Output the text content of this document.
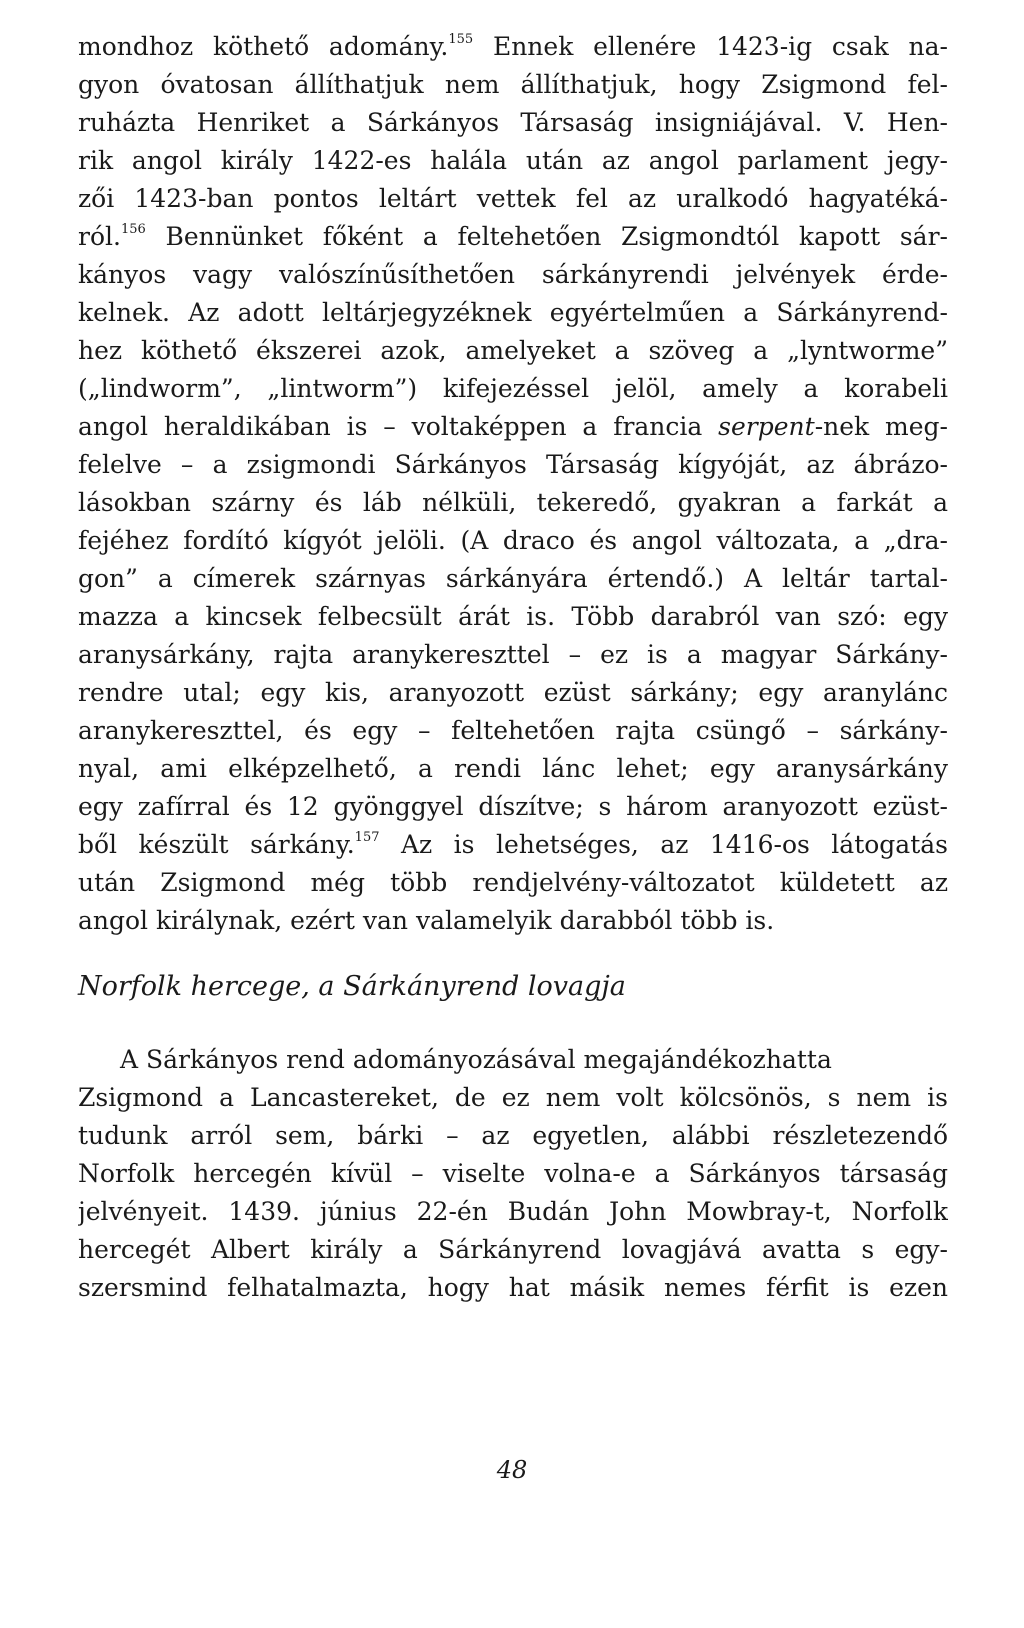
mondhoz köthető adomány.$^{155}$ Ennek ellenére 1423-ig csak na-
gyon óvatosan állíthatjuk nem állíthatjuk, hogy Zsigmond fel-
ruházta Henriket a Sárkányos Társaság insigniájával. V. Hen-
rik angol király 1422-es halála után az angol parlament jegy-
zői 1423-ban pontos leltárt vettek fel az uralkodó hagyatéká-
ról.$^{156}$ Bennünket főként a feltehetően Zsigmondtól kapott sár-
kányos vagy valószínűsíthetően sárkányrendi jelvények érde-
kelnek. Az adott leltárjegyzéknek egyértelműen a Sárkányrend-
hez köthető ékszerei azok, amelyeket a szöveg a „lyntworme”
(„lindworm”, „lintworm”) kifejezéssel jelöl, amely a korabeli
angol heraldikában is – voltaképpen a francia serpent-nek meg-
felelve – a zsigmondi Sárkányos Társaság kígyóját, az ábrázo-
lásokban szárny és láb nélküli, tekeredő, gyakran a farkát a
fejéhez fordító kígyót jelöli. (A draco és angol változata, a „dra-
gon” a címerek szárnyas sárkányára értendő.) A leltár tartal-
mazza a kincsek felbecsült árát is. Több darabról van szó: egy
aranysárkány, rajta aranykereszttel – ez is a magyar Sárkány-
rendre utal; egy kis, aranyozott ezüst sárkány; egy aranylánc
aranykereszttel, és egy – feltehetően rajta csüngő – sárkány-
nyal, ami elképzelhető, a rendi lánc lehet; egy aranysárkány
egy zafírral és 12 gyönggyel díszítve; s három aranyozott ezüst-
ből készült sárkány.$^{157}$ Az is lehetséges, az 1416-os látogatás
után Zsigmond még több rendjelvény-változatot küldetett az
angol királynak, ezért van valamelyik darabból több is.
Norfolk hercege, a Sárkányrend lovagja
A Sárkányos rend adományozásával megajándékozhatta
Zsigmond a Lancastereket, de ez nem volt kölcsönös, s nem is
tudunk arról sem, bárki – az egyetlen, alábbi részletezendő
Norfolk hercegén kívül – viselte volna-e a Sárkányos társaság
jelvényeit. 1439. június 22-én Budán John Mowbray-t, Norfolk
hercegét Albert király a Sárkányrend lovagjává avatta s egy-
szersmind felhatalmazta, hogy hat másik nemes férfit is ezen
48
